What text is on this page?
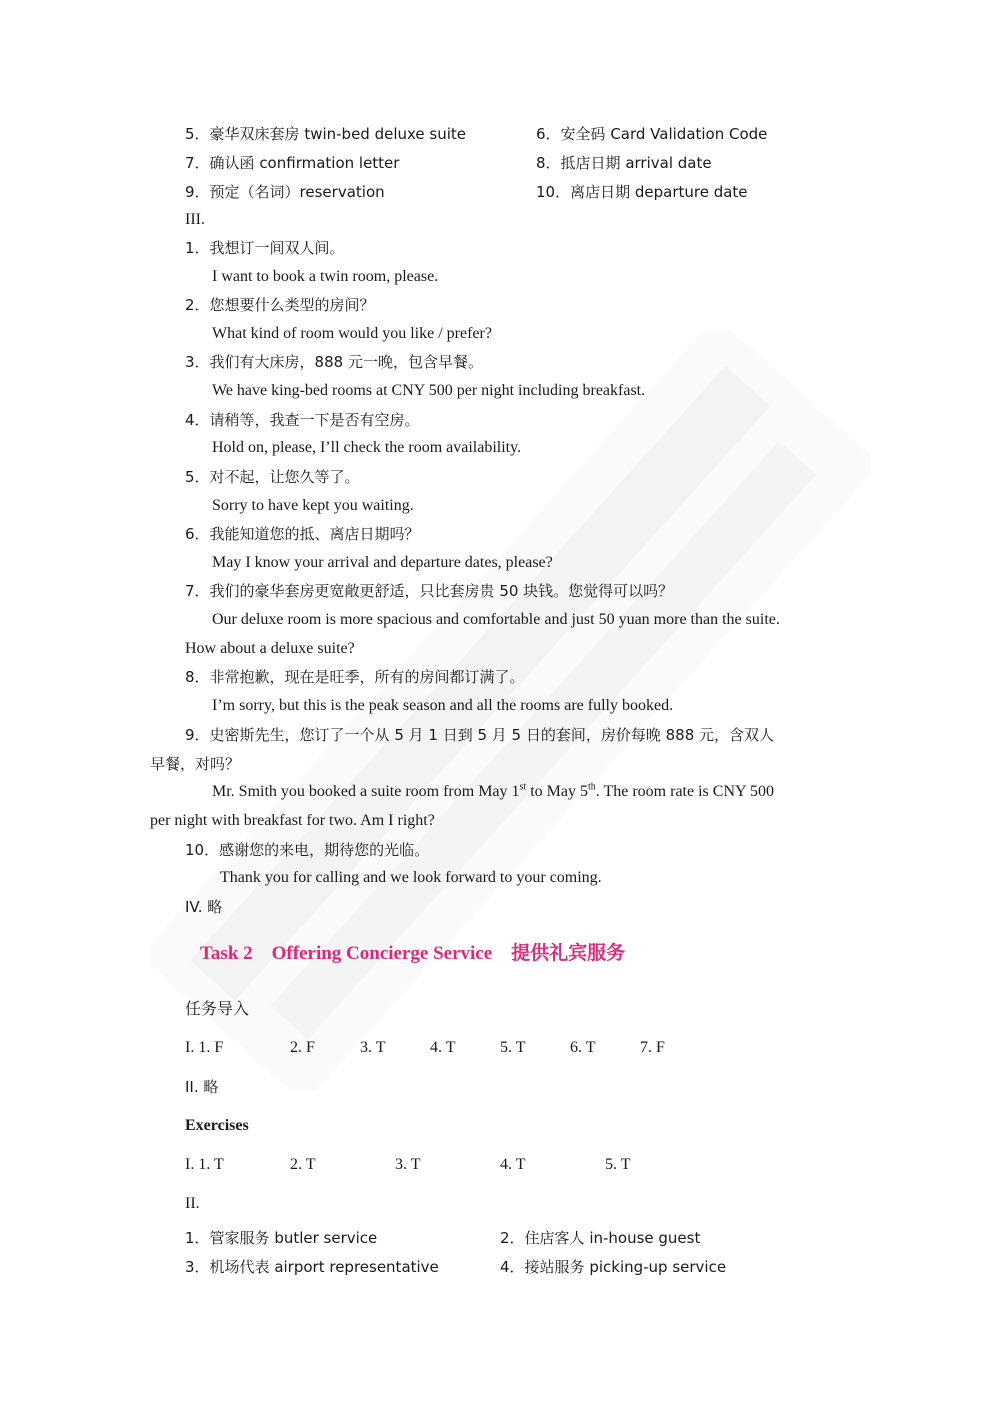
5．豪华双床套房 twin-bed deluxe suite	6．安全码 Card Validation Code
7．确认函 confirmation letter	8．抵店日期 arrival date
9．预定（名词）reservation	10．离店日期 departure date
III.
1．我想订一间双人间。
I want to book a twin room, please.
2．您想要什么类型的房间？
What kind of room would you like / prefer?
3．我们有大床房，888 元一晚，包含早餐。
We have king-bed rooms at CNY 500 per night including breakfast.
4．请稍等，我查一下是否有空房。
Hold on, please, I’ll check the room availability.
5．对不起，让您久等了。
Sorry to have kept you waiting.
6．我能知道您的抵、离店日期吗？
May I know your arrival and departure dates, please?
7．我们的豪华套房更宽敞更舒适，只比套房贵 50 块钱。您觉得可以吗？
Our deluxe room is more spacious and comfortable and just 50 yuan more than the suite.
How about a deluxe suite?
8．非常抱歉，现在是旺季，所有的房间都订满了。
I’m sorry, but this is the peak season and all the rooms are fully booked.
9．史密斯先生，您订了一个从 5 月 1 日到 5 月 5 日的套间，房价每晚 888 元，含双人
早餐，对吗？
Mr. Smith you booked a suite room from May 1st to May 5th. The room rate is CNY 500
per night with breakfast for two. Am I right?
10．感谢您的来电，期待您的光临。
Thank you for calling and we look forward to your coming.
IV. 略
Task 2    Offering Concierge Service    提供礼宾服务
任务导入
I. 1. F	2. F	3. T	4. T	5. T	6. T	7. F
II. 略
Exercises
I. 1. T	2. T	3. T	4. T	5. T
II.
1．管家服务 butler service	2．住店客人 in-house guest
3．机场代表 airport representative	4．接站服务 picking-up service
